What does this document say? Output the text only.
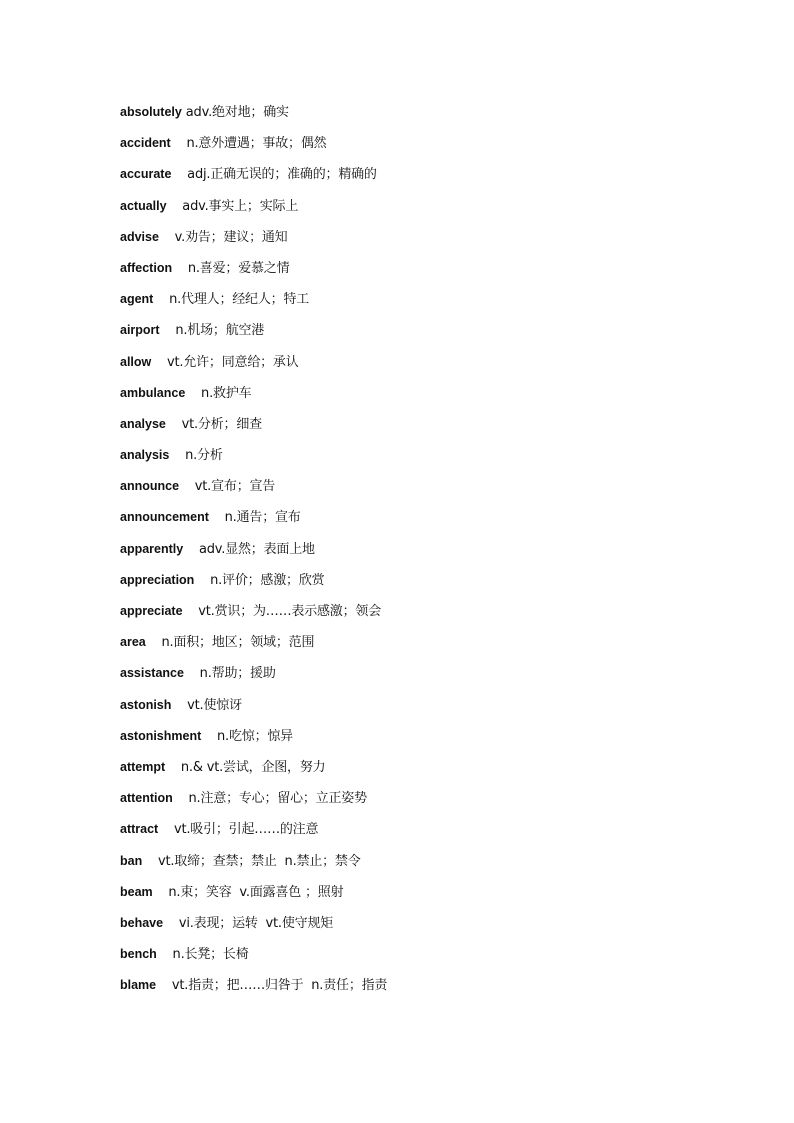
absolutely adv.绝对地；确实
accident n.意外遭遇；事故；偶然
accurate adj.正确无误的；准确的；精确的
actually adv.事实上；实际上
advise v.劝告；建议；通知
affection n.喜爱；爱慕之情
agent n.代理人；经纪人；特工
airport n.机场；航空港
allow vt.允许；同意给；承认
ambulance n.救护车
analyse vt.分析；细查
analysis n.分析
announce vt.宣布；宣告
announcement n.通告；宣布
apparently adv.显然；表面上地
appreciation n.评价；感激；欣赏
appreciate vt.赏识；为……表示感激；领会
area n.面积；地区；领域；范围
assistance n.帮助；援助
astonish vt.使惊讶
astonishment n.吃惊；惊异
attempt n.& vt.尝试，企图，努力
attention n.注意；专心；留心；立正姿势
attract vt.吸引；引起……的注意
ban vt.取缔；查禁；禁止  n.禁止；禁令
beam n.束；笑容  v.面露喜色 ；照射
behave vi.表现；运转  vt.使守规矩
bench n.长凳；长椅
blame vt.指责；把……归咎于  n.责任；指责
